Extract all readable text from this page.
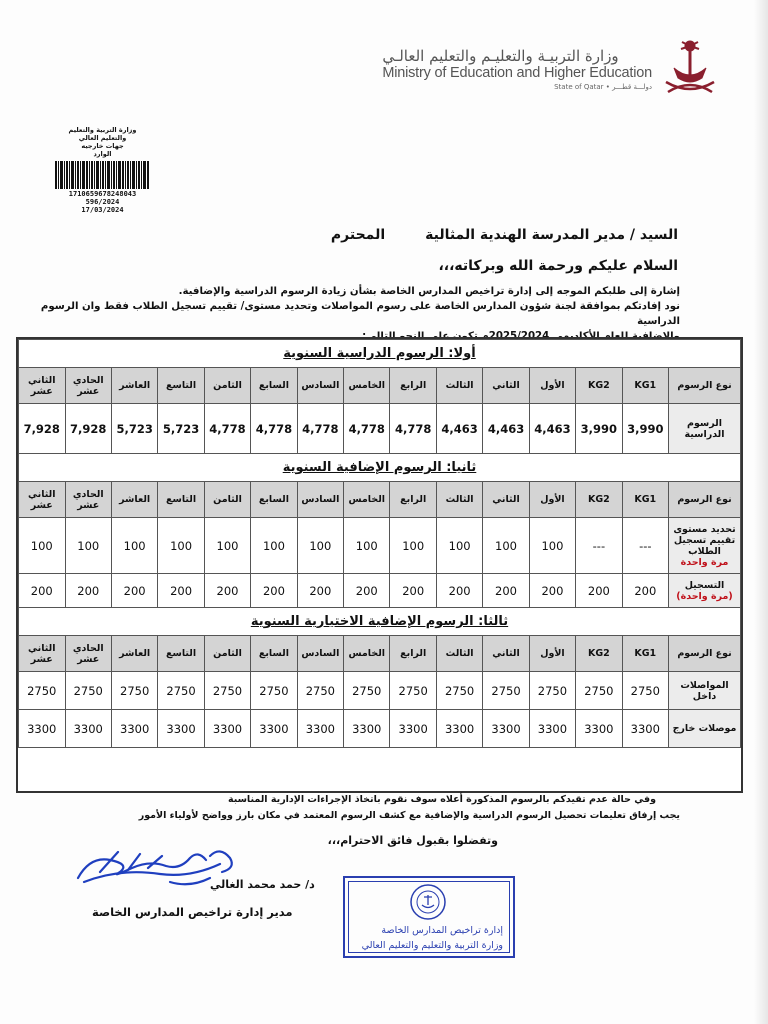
وزارة التربيـة والتعليـم والتعليم العالـي
Ministry of Education and Higher Education
State of Qatar • دولـــة قطـــر
وزارة التربية والتعليم والتعليم العالي
جهات خارجيه
الوارد
1710659678248043
596/2024
17/03/2024
السيد / مدير المدرسة الهندية المثالية
المحترم
السلام عليكم ورحمة الله وبركاته،،،
إشارة إلى طلبكم الموجه إلى إدارة تراخيص المدارس الخاصة بشأن زيادة الرسوم الدراسية والإضافية.
نود إفادتكم بموافقة لجنة شؤون المدارس الخاصة على رسوم المواصلات وتحديد مستوى/ تقييم تسجيل الطلاب فقط وان الرسوم الدراسية
أولا: الرسوم الدراسية السنوية														
نوع الرسوم	KG1	KG2	الأول	الثاني	الثالث	الرابع	الخامس	السادس	السابع	الثامن	التاسع	العاشر	الحادي عشر	الثاني عشر

الرسوم الدراسية	3,990	3,990	4,463	4,463	4,463	4,778	4,778	4,778	4,778	4,778	5,723	5,723	7,928	7,928
ثانيا: الرسوم الإضافية السنوية														
نوع الرسوم	KG1	KG2	الأول	الثاني	الثالث	الرابع	الخامس	السادس	السابع	الثامن	التاسع	العاشر	الحادي عشر	الثاني عشر

تحديد مستوى تقييم تسجيل الطلاب
مرة واحدة	---	---	100	100	100	100	100	100	100	100	100	100	100	100

التسجيل
(مرة واحدة)	200	200	200	200	200	200	200	200	200	200	200	200	200	200
ثالثا: الرسوم الإضافية الاختيارية السنوية														
نوع الرسوم	KG1	KG2	الأول	الثاني	الثالث	الرابع	الخامس	السادس	السابع	الثامن	التاسع	العاشر	الحادي عشر	الثاني عشر

المواصلات داخل	2750	2750	2750	2750	2750	2750	2750	2750	2750	2750	2750	2750	2750	2750

موصلات خارج	3300	3300	3300	3300	3300	3300	3300	3300	3300	3300	3300	3300	3300	3300
وفي حالة عدم تقيدكم بالرسوم المذكورة أعلاه سوف نقوم باتخاذ الإجراءات الإدارية المناسبة
يجب إرفاق تعليمات تحصيل الرسوم الدراسية والإضافية مع كشف الرسوم المعتمد في مكان بارز وواضح لأولياء الأمور
وتفضلوا بقبول فائق الاحترام،،،
د/ حمد محمد الغالي
مدير إدارة تراخيص المدارس الخاصة
إدارة تراخيص المدارس الخاصة
وزارة التربية والتعليم والتعليم العالي
